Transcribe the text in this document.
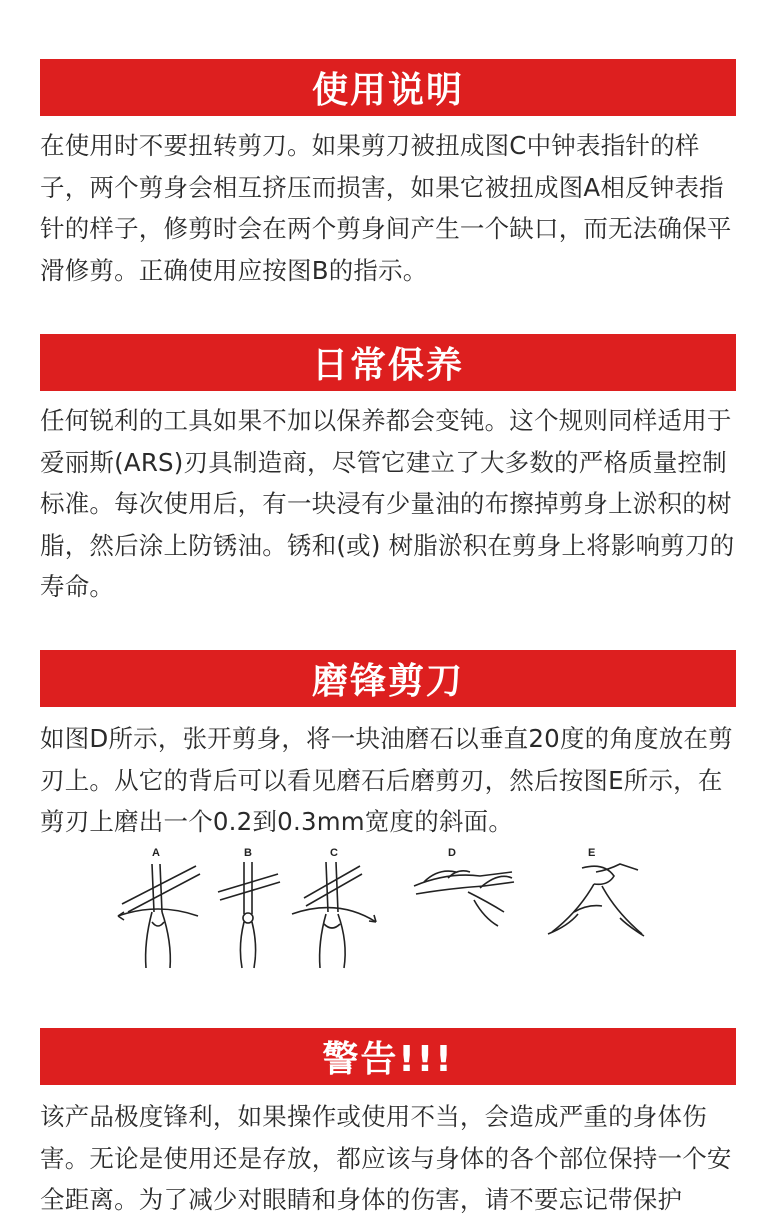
使用说明

在使用时不要扭转剪刀。如果剪刀被扭成图C中钟表指针的样子，两个剪身会相互挤压而损害，如果它被扭成图A相反钟表指针的样子，修剪时会在两个剪身间产生一个缺口，而无法确保平滑修剪。正确使用应按图B的指示。

日常保养

任何锐利的工具如果不加以保养都会变钝。这个规则同样适用于爱丽斯(ARS)刃具制造商，尽管它建立了大多数的严格质量控制标准。每次使用后，有一块浸有少量油的布擦掉剪身上淤积的树脂，然后涂上防锈油。锈和(或) 树脂淤积在剪身上将影响剪刀的寿命。

磨锋剪刀

如图D所示，张开剪身，将一块油磨石以垂直20度的角度放在剪刃上。从它的背后可以看见磨石后磨剪刃，然后按图E所示，在剪刃上磨出一个0.2到0.3mm宽度的斜面。

A	B	C	D	E
警告!!!

该产品极度锋利，如果操作或使用不当，会造成严重的身体伤害。无论是使用还是存放，都应该与身体的各个部位保持一个安全距离。为了减少对眼睛和身体的伤害，请不要忘记带保护
